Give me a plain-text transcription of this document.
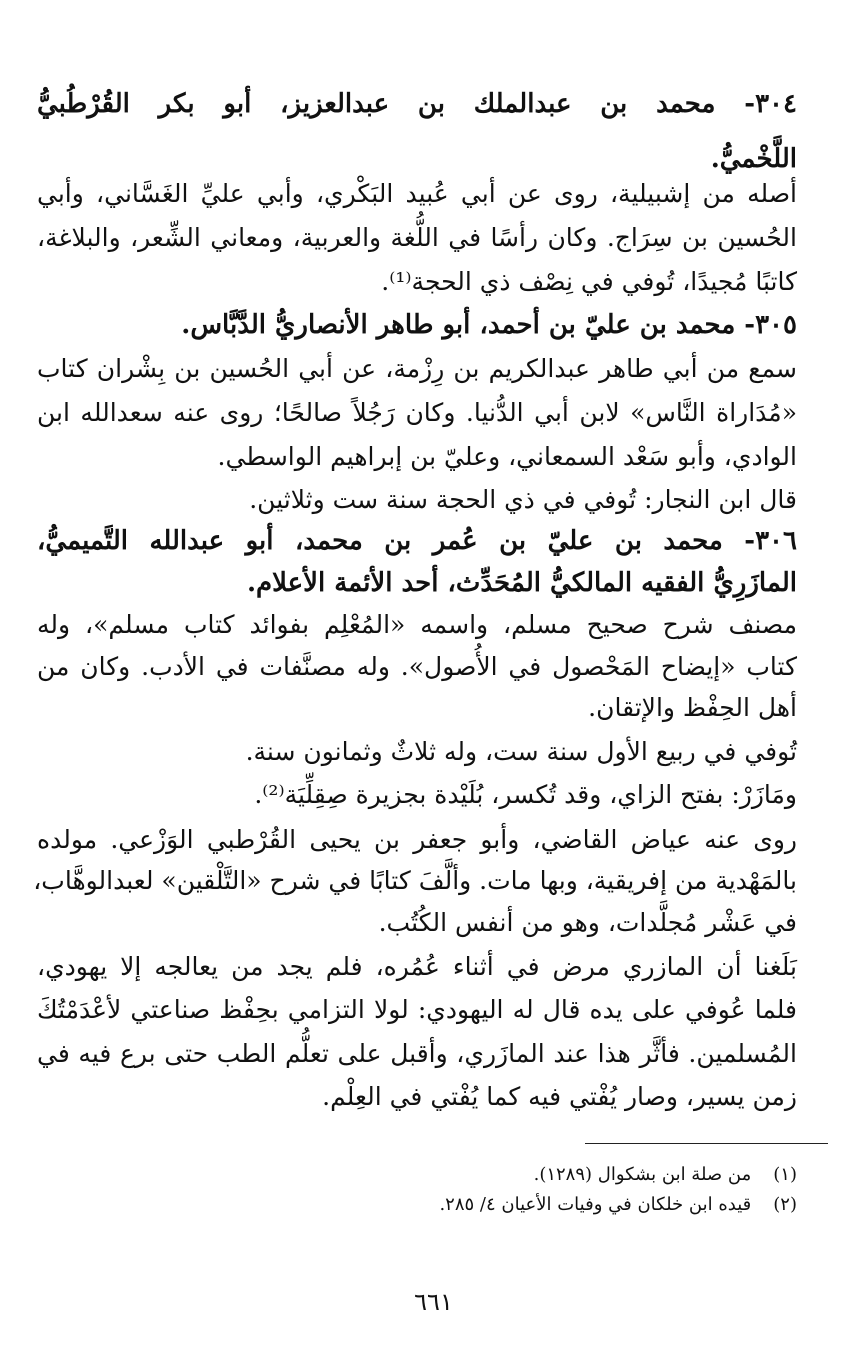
٣٠٤- محمد بن عبدالملك بن عبدالعزيز، أبو بكر القُرْطُبيُّ
اللَّخْميُّ.
أصله من إشبيلية، روى عن أبي عُبيد البَكْري، وأبي عليِّ الغَسَّاني، وأبي
الحُسين بن سِرَاج. وكان رأسًا في اللُّغة والعربية، ومعاني الشِّعر، والبلاغة،
كاتبًا مُجيدًا، تُوفي في نِصْف ذي الحجة⁽¹⁾.
٣٠٥- محمد بن عليّ بن أحمد، أبو طاهر الأنصاريُّ الدَّبَّاس.
سمع من أبي طاهر عبدالكريم بن رِزْمة، عن أبي الحُسين بن بِشْران كتاب
«مُدَاراة النَّاس» لابن أبي الدُّنيا. وكان رَجُلاً صالحًا؛ روى عنه سعدالله ابن
الوادي، وأبو سَعْد السمعاني، وعليّ بن إبراهيم الواسطي.
قال ابن النجار: تُوفي في ذي الحجة سنة ست وثلاثين.
٣٠٦- محمد بن عليّ بن عُمر بن محمد، أبو عبدالله التَّميميُّ،
المازَرِيُّ الفقيه المالكيُّ المُحَدِّث، أحد الأئمة الأعلام.
مصنف شرح صحيح مسلم، واسمه «المُعْلِم بفوائد كتاب مسلم»، وله
كتاب «إيضاح المَحْصول في الأُصول». وله مصنَّفات في الأدب. وكان من
أهل الحِفْظ والإتقان.
تُوفي في ربيع الأول سنة ست، وله ثلاثٌ وثمانون سنة.
ومَازَرْ: بفتح الزاي، وقد تُكسر، بُلَيْدة بجزيرة صِقِلِّيَة⁽²⁾.
روى عنه عياض القاضي، وأبو جعفر بن يحيى القُرْطبي الوَزْعي. مولده
بالمَهْدية من إفريقية، وبها مات. وألَّفَ كتابًا في شرح «التَّلْقين» لعبدالوهَّاب،
في عَشْر مُجلَّدات، وهو من أنفس الكُتُب.
بَلَغنا أن المازري مرض في أثناء عُمُره، فلم يجد من يعالجه إلا يهودي،
فلما عُوفي على يده قال له اليهودي: لولا التزامي بحِفْظ صناعتي لأعْدَمْتُكَ
المُسلمين. فأثَّر هذا عند المازَري، وأقبل على تعلُّم الطب حتى برع فيه في
زمن يسير، وصار يُفْتي فيه كما يُفْتي في العِلْم.
(١) من صلة ابن بشكوال (١٢٨٩).
(٢) قيده ابن خلكان في وفيات الأعيان ٤/ ٢٨٥.
٦٦١
